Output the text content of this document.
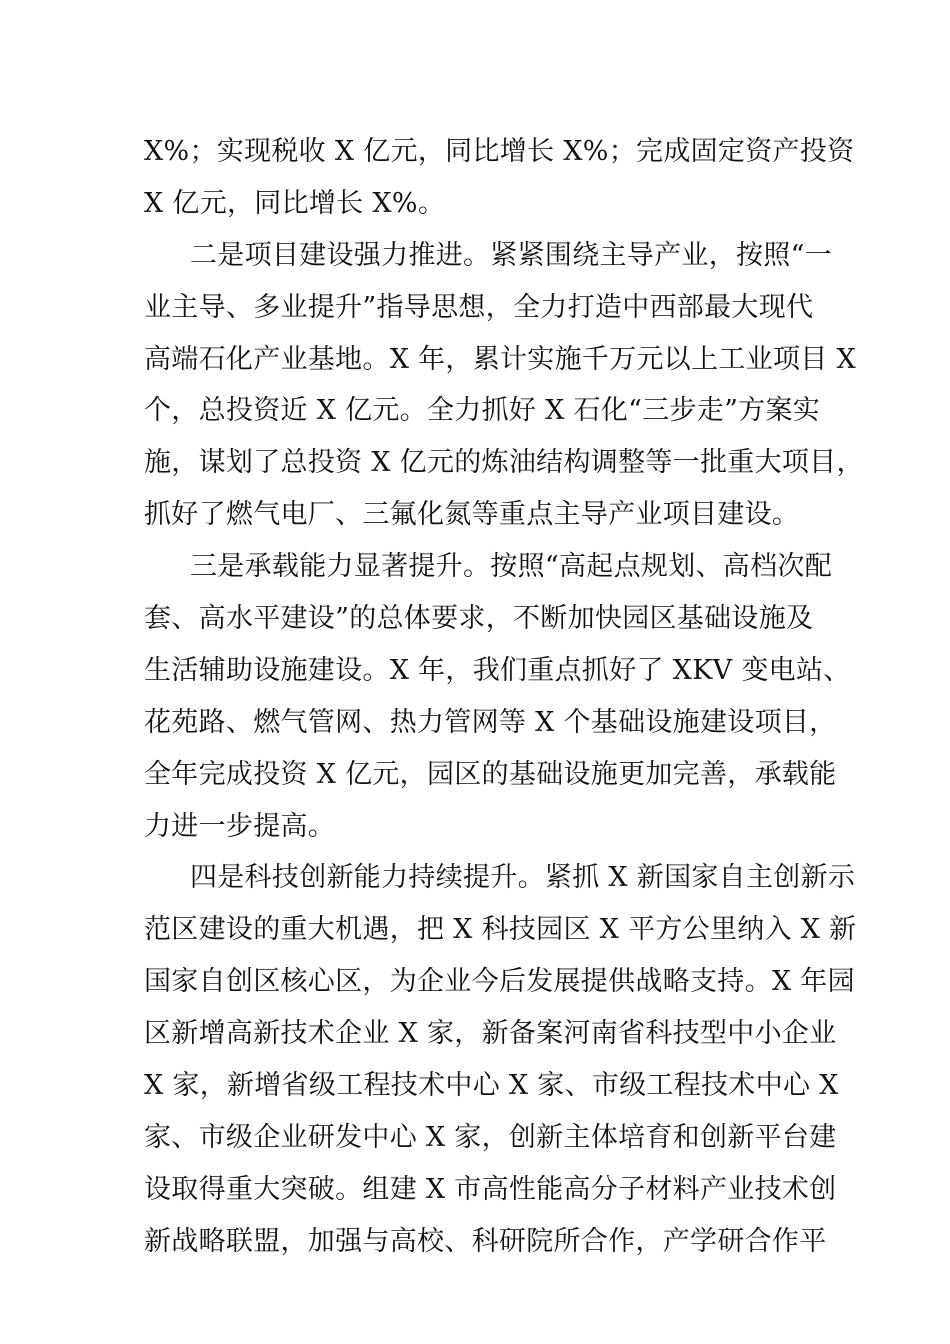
X%；实现税收 X 亿元，同比增长 X%；完成固定资产投资
X 亿元，同比增长 X%。
二是项目建设强力推进。紧紧围绕主导产业，按照“一
业主导、多业提升”指导思想，全力打造中西部最大现代
高端石化产业基地。X 年，累计实施千万元以上工业项目 X
个，总投资近 X 亿元。全力抓好 X 石化“三步走”方案实
施，谋划了总投资 X 亿元的炼油结构调整等一批重大项目，
抓好了燃气电厂、三氟化氮等重点主导产业项目建设。
三是承载能力显著提升。按照“高起点规划、高档次配
套、高水平建设”的总体要求，不断加快园区基础设施及
生活辅助设施建设。X 年，我们重点抓好了 XKV 变电站、
花苑路、燃气管网、热力管网等 X 个基础设施建设项目，
全年完成投资 X 亿元，园区的基础设施更加完善，承载能
力进一步提高。
四是科技创新能力持续提升。紧抓 X 新国家自主创新示
范区建设的重大机遇，把 X 科技园区 X 平方公里纳入 X 新
国家自创区核心区，为企业今后发展提供战略支持。X 年园
区新增高新技术企业 X 家，新备案河南省科技型中小企业
X 家，新增省级工程技术中心 X 家、市级工程技术中心 X
家、市级企业研发中心 X 家，创新主体培育和创新平台建
设取得重大突破。组建 X 市高性能高分子材料产业技术创
新战略联盟，加强与高校、科研院所合作，产学研合作平
